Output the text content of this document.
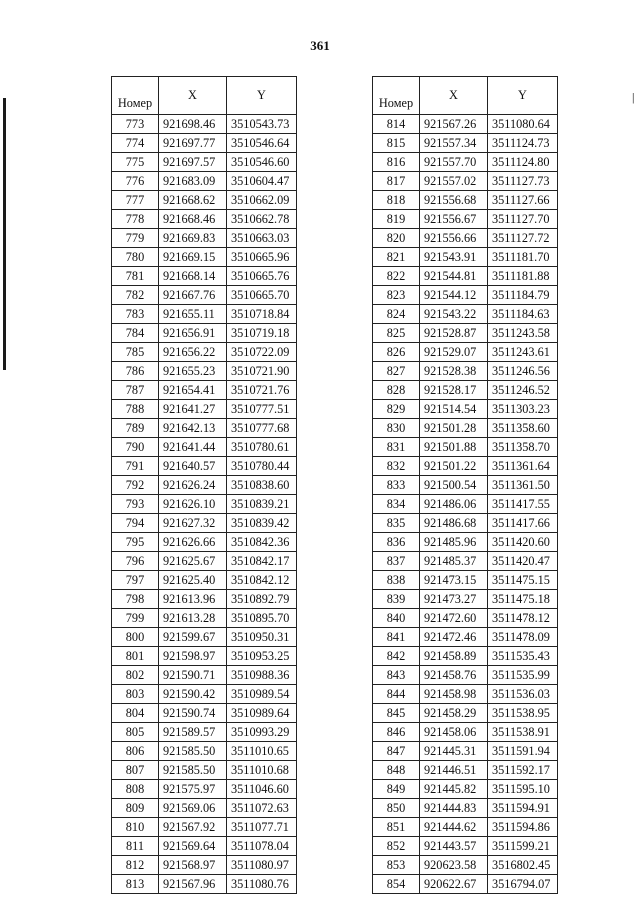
361
|
Номер	X	Y
773	921698.46	3510543.73
774	921697.77	3510546.64
775	921697.57	3510546.60
776	921683.09	3510604.47
777	921668.62	3510662.09
778	921668.46	3510662.78
779	921669.83	3510663.03
780	921669.15	3510665.96
781	921668.14	3510665.76
782	921667.76	3510665.70
783	921655.11	3510718.84
784	921656.91	3510719.18
785	921656.22	3510722.09
786	921655.23	3510721.90
787	921654.41	3510721.76
788	921641.27	3510777.51
789	921642.13	3510777.68
790	921641.44	3510780.61
791	921640.57	3510780.44
792	921626.24	3510838.60
793	921626.10	3510839.21
794	921627.32	3510839.42
795	921626.66	3510842.36
796	921625.67	3510842.17
797	921625.40	3510842.12
798	921613.96	3510892.79
799	921613.28	3510895.70
800	921599.67	3510950.31
801	921598.97	3510953.25
802	921590.71	3510988.36
803	921590.42	3510989.54
804	921590.74	3510989.64
805	921589.57	3510993.29
806	921585.50	3511010.65
807	921585.50	3511010.68
808	921575.97	3511046.60
809	921569.06	3511072.63
810	921567.92	3511077.71
811	921569.64	3511078.04
812	921568.97	3511080.97
813	921567.96	3511080.76
Номер	X	Y
814	921567.26	3511080.64
815	921557.34	3511124.73
816	921557.70	3511124.80
817	921557.02	3511127.73
818	921556.68	3511127.66
819	921556.67	3511127.70
820	921556.66	3511127.72
821	921543.91	3511181.70
822	921544.81	3511181.88
823	921544.12	3511184.79
824	921543.22	3511184.63
825	921528.87	3511243.58
826	921529.07	3511243.61
827	921528.38	3511246.56
828	921528.17	3511246.52
829	921514.54	3511303.23
830	921501.28	3511358.60
831	921501.88	3511358.70
832	921501.22	3511361.64
833	921500.54	3511361.50
834	921486.06	3511417.55
835	921486.68	3511417.66
836	921485.96	3511420.60
837	921485.37	3511420.47
838	921473.15	3511475.15
839	921473.27	3511475.18
840	921472.60	3511478.12
841	921472.46	3511478.09
842	921458.89	3511535.43
843	921458.76	3511535.99
844	921458.98	3511536.03
845	921458.29	3511538.95
846	921458.06	3511538.91
847	921445.31	3511591.94
848	921446.51	3511592.17
849	921445.82	3511595.10
850	921444.83	3511594.91
851	921444.62	3511594.86
852	921443.57	3511599.21
853	920623.58	3516802.45
854	920622.67	3516794.07
